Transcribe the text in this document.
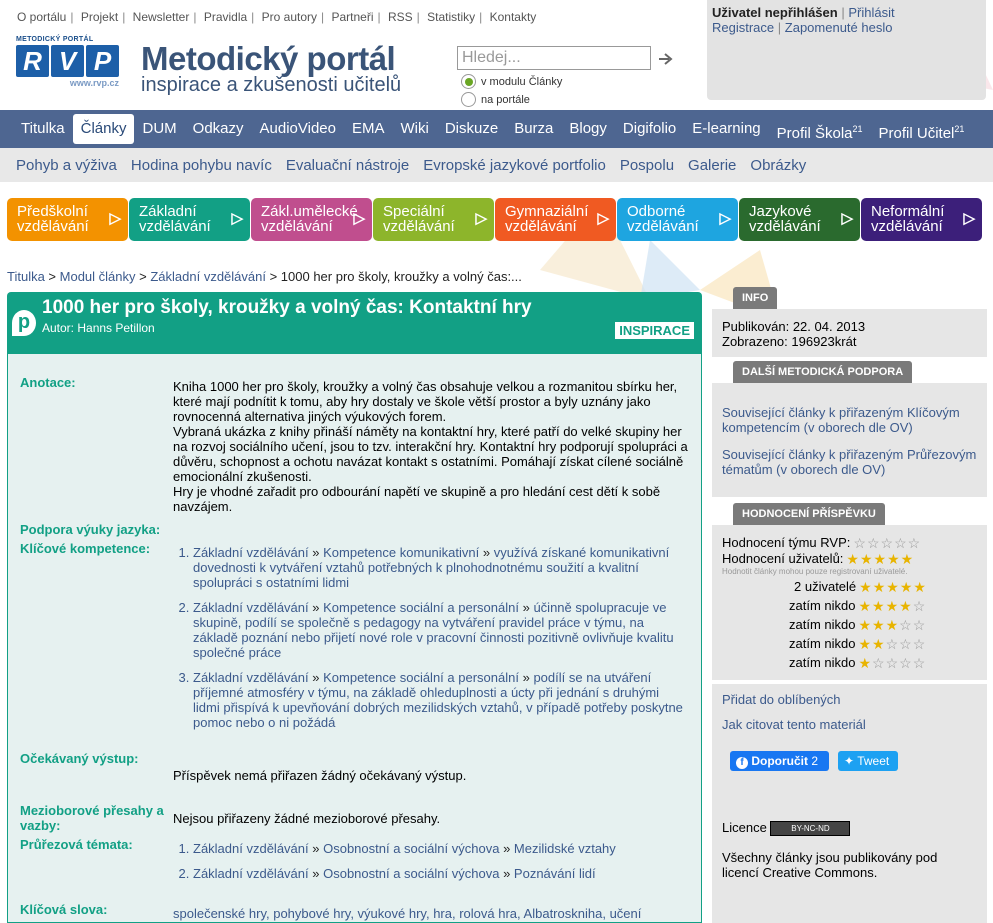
O portálu | Projekt | Newsletter | Pravidla | Pro autory | Partneři | RSS | Statistiky | Kontakty	Uživatel nepřihlášen | Přihlásit
Registrace | Zapomenuté heslo
METODICKÝ PORTÁL
R V P
www.rvp.cz
Metodický portál
inspirace a zkušenosti učitelů
Hledej...
v modulu Články
na portále
Titulka	Články	DUM	Odkazy	AudioVideo	EMA	Wiki	Diskuze	Burza	Blogy	Digifolio	E-learning	Profil Škola$^{21}$	Profil Učitel$^{21}$
Pohyb a výživa Hodina pohybu navíc Evaluační nástroje Evropské jazykové portfolio Pospolu Galerie Obrázky
Předškolní
vzdělávání	▷ Základní
vzdělávání	▷ Zákl.umělecké
vzdělávání	▷ Speciální
vzdělávání	▷ Gymnaziální
vzdělávání	▷ Odborné
vzdělávání	▷ Jazykové
vzdělávání	▷ Neformální
vzdělávání	▷
Titulka > Modul články > Základní vzdělávání > 1000 her pro školy, kroužky a volný čas:...
p
1000 her pro školy, kroužky a volný čas: Kontaktní hry
Autor: Hanns Petillon	INSPIRACE
Anotace:	Kniha 1000 her pro školy, kroužky a volný čas obsahuje velkou a rozmanitou sbírku her, které mají podnítit k tomu, aby hry dostaly ve škole větší prostor a byly uznány jako rovnocenná alternativa jiných výukových forem.
Vybraná ukázka z knihy přináší náměty na kontaktní hry, které patří do velké skupiny her na rozvoj sociálního učení, jsou to tzv. interakční hry. Kontaktní hry podporují spolupráci a důvěru, schopnost a ochotu navázat kontakt s ostatními. Pomáhají získat cílené sociálně emocionální zkušenosti.
Hry je vhodné zařadit pro odbourání napětí ve skupině a pro hledání cest dětí k sobě navzájem.
Podpora výuky jazyka:
Klíčové kompetence:	1. Základní vzdělávání » Kompetence komunikativní » využívá získané komunikativní dovednosti k vytváření vztahů potřebných k plnohodnotnému soužití a kvalitní spolupráci s ostatními lidmi
2. Základní vzdělávání » Kompetence sociální a personální » účinně spolupracuje ve skupině, podílí se společně s pedagogy na vytváření pravidel práce v týmu, na základě poznání nebo přijetí nové role v pracovní činnosti pozitivně ovlivňuje kvalitu společné práce
3. Základní vzdělávání » Kompetence sociální a personální » podílí se na utváření příjemné atmosféry v týmu, na základě ohleduplnosti a úcty při jednání s druhými lidmi přispívá k upevňování dobrých mezilidských vztahů, v případě potřeby poskytne pomoc nebo o ni požádá
Očekávaný výstup:
Příspěvek nemá přiřazen žádný očekávaný výstup.
Mezioborové přesahy a vazby:	Nejsou přiřazeny žádné mezioborové přesahy.
Průřezová témata:	1. Základní vzdělávání » Osobnostní a sociální výchova » Mezilidské vztahy
2. Základní vzdělávání » Osobnostní a sociální výchova » Poznávání lidí
Klíčová slova:	společenské hry, pohybové hry, výukové hry, hra, rolová hra, Albatroskniha, učení
INFO
Publikován: 22. 04. 2013
Zobrazeno: 196923krát
DALŠÍ METODICKÁ PODPORA
Související články k přiřazeným Klíčovým kompetencím (v oborech dle OV)
Související články k přiřazeným Průřezovým tématům (v oborech dle OV)
HODNOCENÍ PŘÍSPĚVKU
Hodnocení týmu RVP: ☆ ☆ ☆ ☆ ☆
Hodnocení uživatelů: ★ ★ ★ ★ ★
Hodnotit články mohou pouze registrovaní uživatelé.
2 uživatelé ★ ★ ★ ★ ★
zatím nikdo ★ ★ ★ ★ ☆
zatím nikdo ★ ★ ★ ☆ ☆
zatím nikdo ★ ★ ☆ ☆ ☆
zatím nikdo ★ ☆ ☆ ☆ ☆
Přidat do oblíbených
Jak citovat tento materiál
Licence	BY-NC-ND
Všechny články jsou publikovány pod licencí Creative Commons.
f Doporučit 2	✦ Tweet
